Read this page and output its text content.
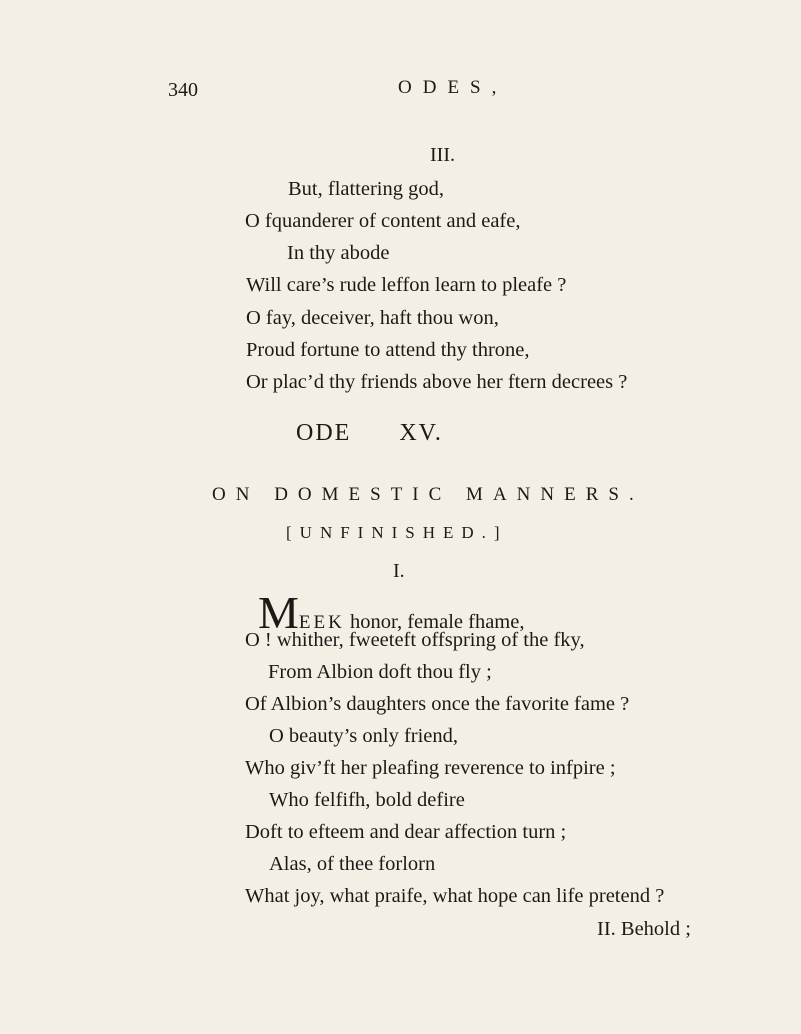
340	ODES,
III.
But, flattering god,
O fquanderer of content and eafe,
In thy abode
Will care’s rude leffon learn to pleafe ?
O fay, deceiver, haft thou won,
Proud fortune to attend thy throne,
Or plac’d thy friends above her ftern decrees ?
ODE XV.
ON DOMESTIC MANNERS.
[UNFINISHED.]
I.
MEEK honor, female fhame,
O ! whither, fweeteft offspring of the fky,
From Albion doft thou fly ;
Of Albion’s daughters once the favorite fame ?
O beauty’s only friend,
Who giv’ft her pleafing reverence to infpire ;
Who felfifh, bold defire
Doft to efteem and dear affection turn ;
Alas, of thee forlorn
What joy, what praife, what hope can life pretend ?
II. Behold ;
